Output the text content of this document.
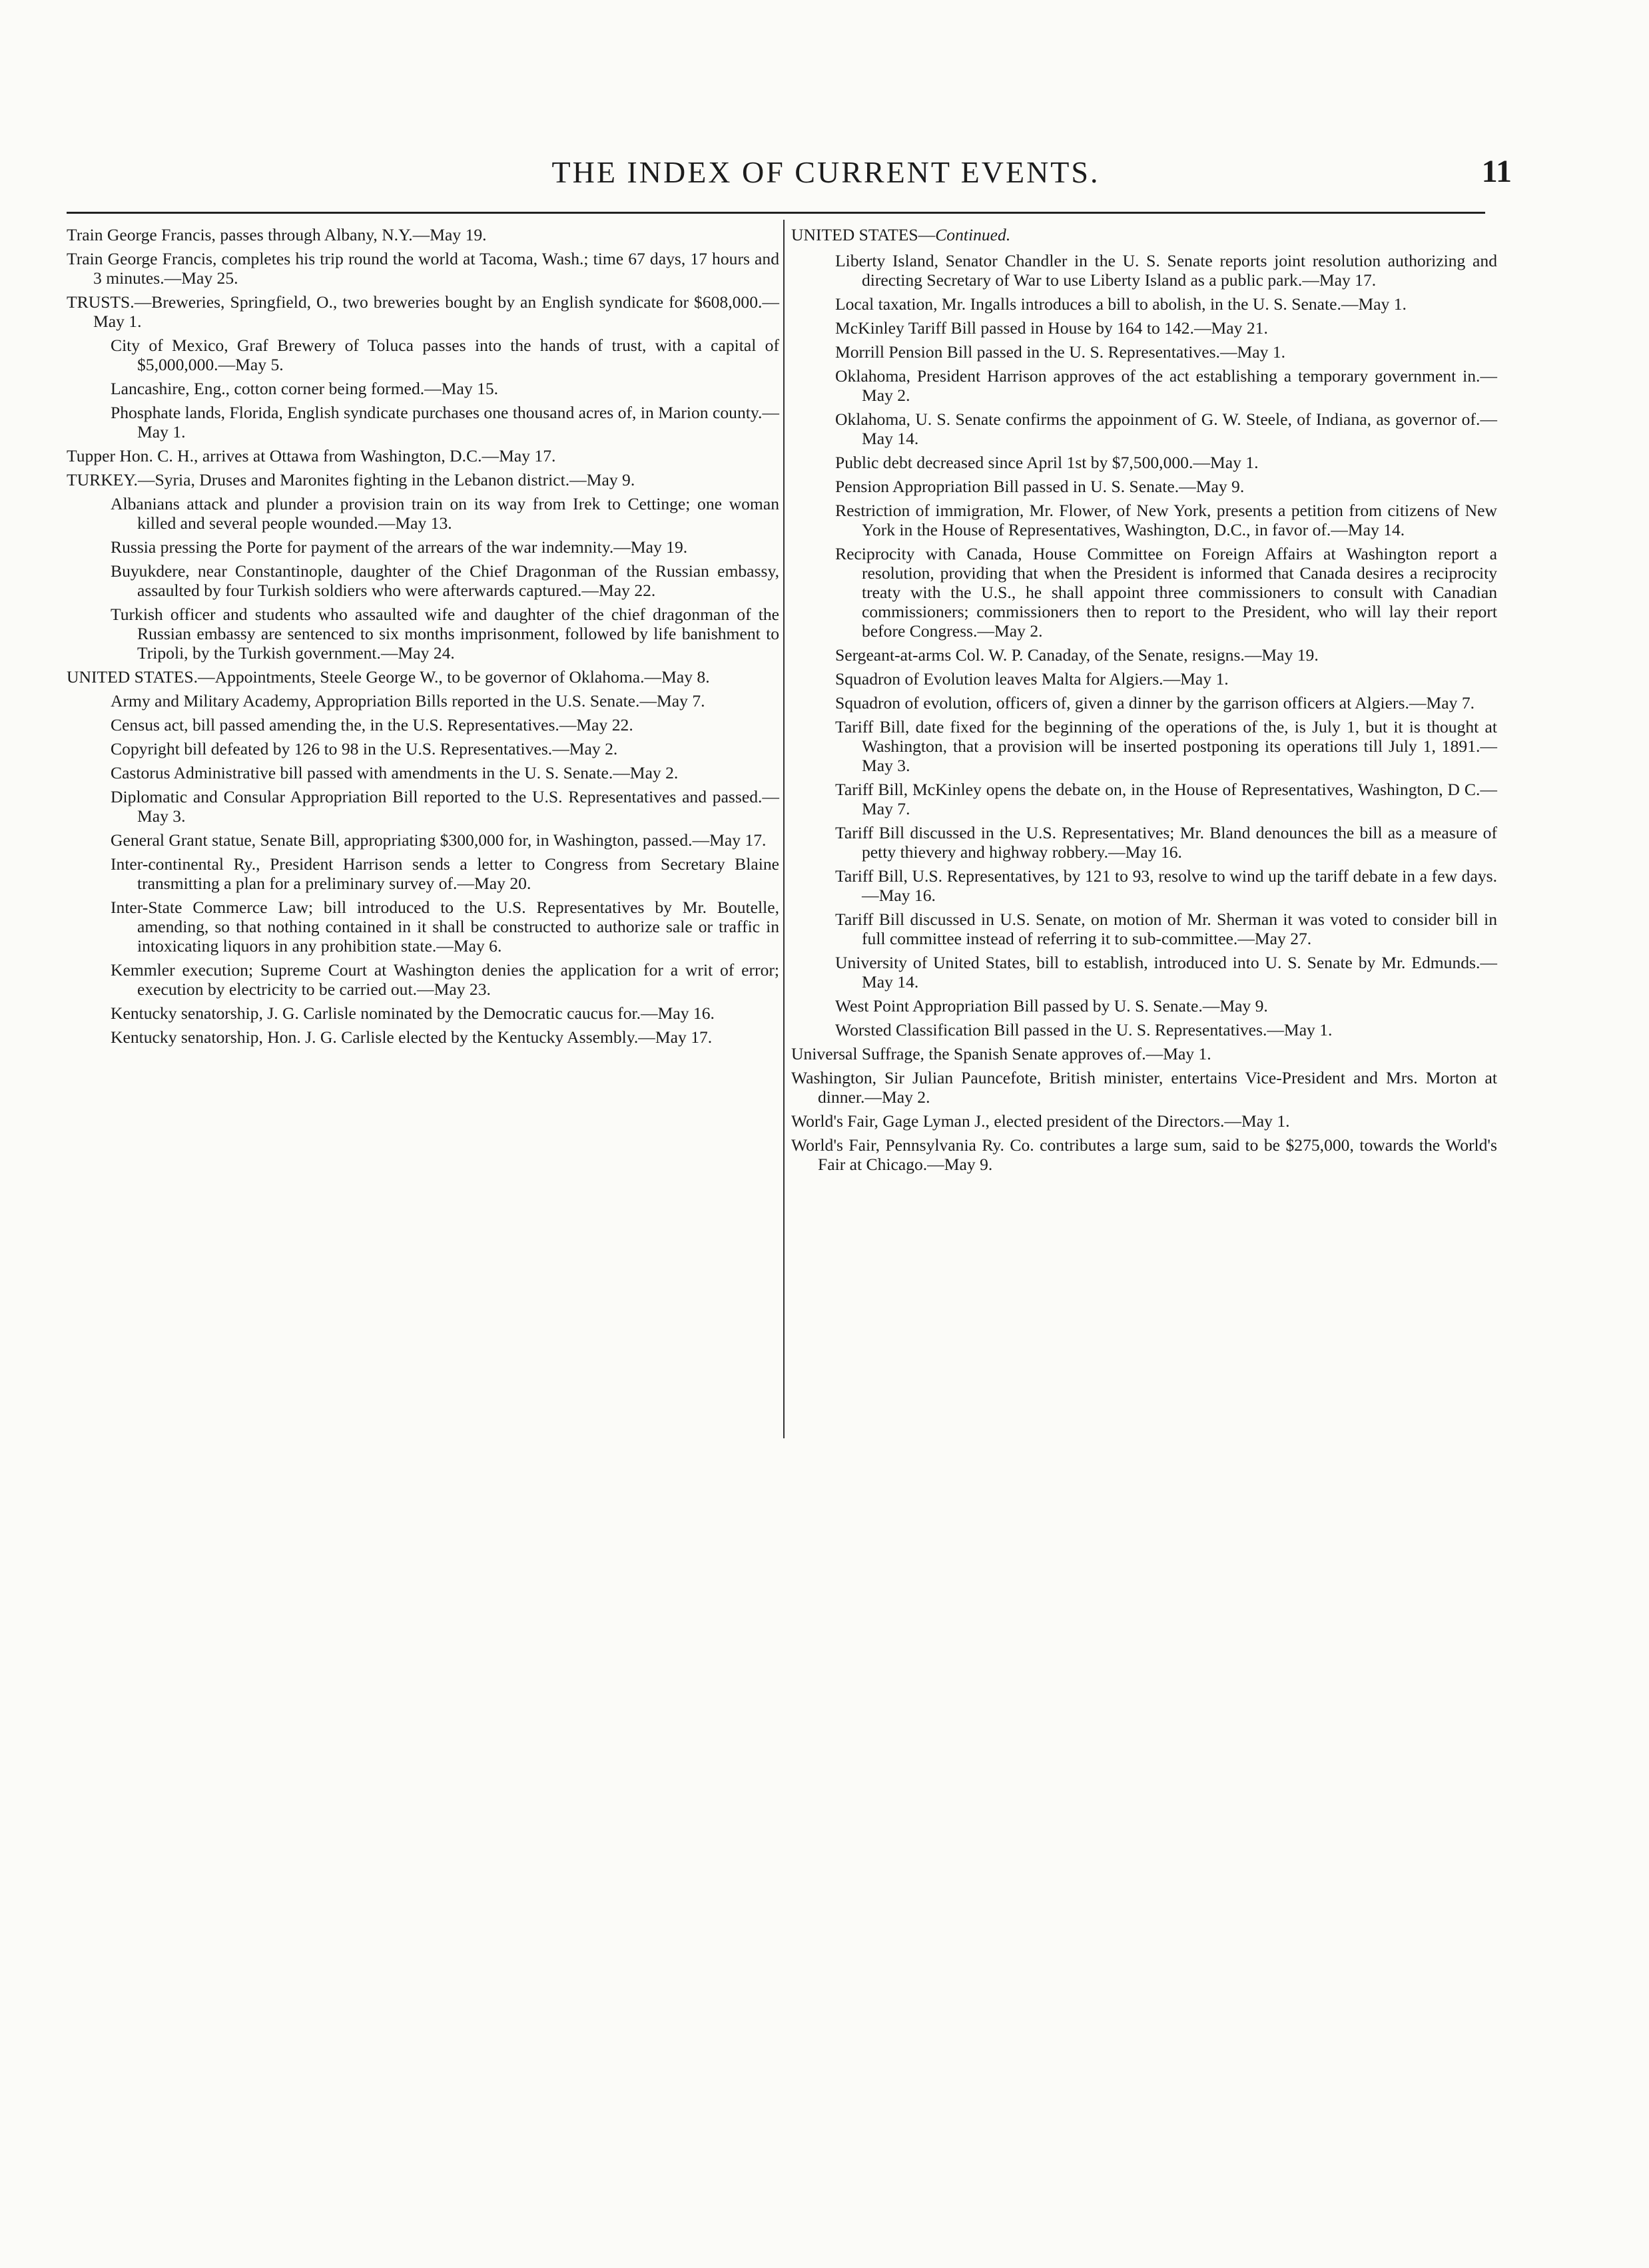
THE INDEX OF CURRENT EVENTS.	11

Train George Francis, passes through Albany, N.Y.—May 19.

Train George Francis, completes his trip round the world at Tacoma, Wash.; time 67 days, 17 hours and 3 minutes.—May 25.

TRUSTS.—Breweries, Springfield, O., two breweries bought by an English syndicate for $608,000.—May 1.

City of Mexico, Graf Brewery of Toluca passes into the hands of trust, with a capital of $5,000,000.—May 5.

Lancashire, Eng., cotton corner being formed.—May 15.

Phosphate lands, Florida, English syndicate purchases one thousand acres of, in Marion county.—May 1.

Tupper Hon. C. H., arrives at Ottawa from Washington, D.C.—May 17.

TURKEY.—Syria, Druses and Maronites fighting in the Lebanon district.—May 9.

Albanians attack and plunder a provision train on its way from Irek to Cettinge; one woman killed and several people wounded.—May 13.

Russia pressing the Porte for payment of the arrears of the war indemnity.—May 19.

Buyukdere, near Constantinople, daughter of the Chief Dragonman of the Russian embassy, assaulted by four Turkish soldiers who were afterwards captured.—May 22.

Turkish officer and students who assaulted wife and daughter of the chief dragonman of the Russian embassy are sentenced to six months imprisonment, followed by life banishment to Tripoli, by the Turkish government.—May 24.

UNITED STATES.—Appointments, Steele George W., to be governor of Oklahoma.—May 8.

Army and Military Academy, Appropriation Bills reported in the U.S. Senate.—May 7.

Census act, bill passed amending the, in the U.S. Representatives.—May 22.

Copyright bill defeated by 126 to 98 in the U.S. Representatives.—May 2.

Castorus Administrative bill passed with amendments in the U. S. Senate.—May 2.

Diplomatic and Consular Appropriation Bill reported to the U.S. Representatives and passed.—May 3.

General Grant statue, Senate Bill, appropriating $300,000 for, in Washington, passed.—May 17.

Inter-continental Ry., President Harrison sends a letter to Congress from Secretary Blaine transmitting a plan for a preliminary survey of.—May 20.

Inter-State Commerce Law; bill introduced to the U.S. Representatives by Mr. Boutelle, amending, so that nothing contained in it shall be constructed to authorize sale or traffic in intoxicating liquors in any prohibition state.—May 6.

Kemmler execution; Supreme Court at Washington denies the application for a writ of error; execution by electricity to be carried out.—May 23.

Kentucky senatorship, J. G. Carlisle nominated by the Democratic caucus for.—May 16.

Kentucky senatorship, Hon. J. G. Carlisle elected by the Kentucky Assembly.—May 17.

UNITED STATES—Continued.

Liberty Island, Senator Chandler in the U. S. Senate reports joint resolution authorizing and directing Secretary of War to use Liberty Island as a public park.—May 17.

Local taxation, Mr. Ingalls introduces a bill to abolish, in the U. S. Senate.—May 1.

McKinley Tariff Bill passed in House by 164 to 142.—May 21.

Morrill Pension Bill passed in the U. S. Representatives.—May 1.

Oklahoma, President Harrison approves of the act establishing a temporary government in.—May 2.

Oklahoma, U. S. Senate confirms the appoinment of G. W. Steele, of Indiana, as governor of.—May 14.

Public debt decreased since April 1st by $7,500,000.—May 1.

Pension Appropriation Bill passed in U. S. Senate.—May 9.

Restriction of immigration, Mr. Flower, of New York, presents a petition from citizens of New York in the House of Representatives, Washington, D.C., in favor of.—May 14.

Reciprocity with Canada, House Committee on Foreign Affairs at Washington report a resolution, providing that when the President is informed that Canada desires a reciprocity treaty with the U.S., he shall appoint three commissioners to consult with Canadian commissioners; commissioners then to report to the President, who will lay their report before Congress.—May 2.

Sergeant-at-arms Col. W. P. Canaday, of the Senate, resigns.—May 19.

Squadron of Evolution leaves Malta for Algiers.—May 1.

Squadron of evolution, officers of, given a dinner by the garrison officers at Algiers.—May 7.

Tariff Bill, date fixed for the beginning of the operations of the, is July 1, but it is thought at Washington, that a provision will be inserted postponing its operations till July 1, 1891.—May 3.

Tariff Bill, McKinley opens the debate on, in the House of Representatives, Washington, D C.—May 7.

Tariff Bill discussed in the U.S. Representatives; Mr. Bland denounces the bill as a measure of petty thievery and highway robbery.—May 16.

Tariff Bill, U.S. Representatives, by 121 to 93, resolve to wind up the tariff debate in a few days.—May 16.

Tariff Bill discussed in U.S. Senate, on motion of Mr. Sherman it was voted to consider bill in full committee instead of referring it to sub-committee.—May 27.

University of United States, bill to establish, introduced into U. S. Senate by Mr. Edmunds.—May 14.

West Point Appropriation Bill passed by U. S. Senate.—May 9.

Worsted Classification Bill passed in the U. S. Representatives.—May 1.

Universal Suffrage, the Spanish Senate approves of.—May 1.

Washington, Sir Julian Pauncefote, British minister, entertains Vice-President and Mrs. Morton at dinner.—May 2.

World's Fair, Gage Lyman J., elected president of the Directors.—May 1.

World's Fair, Pennsylvania Ry. Co. contributes a large sum, said to be $275,000, towards the World's Fair at Chicago.—May 9.
